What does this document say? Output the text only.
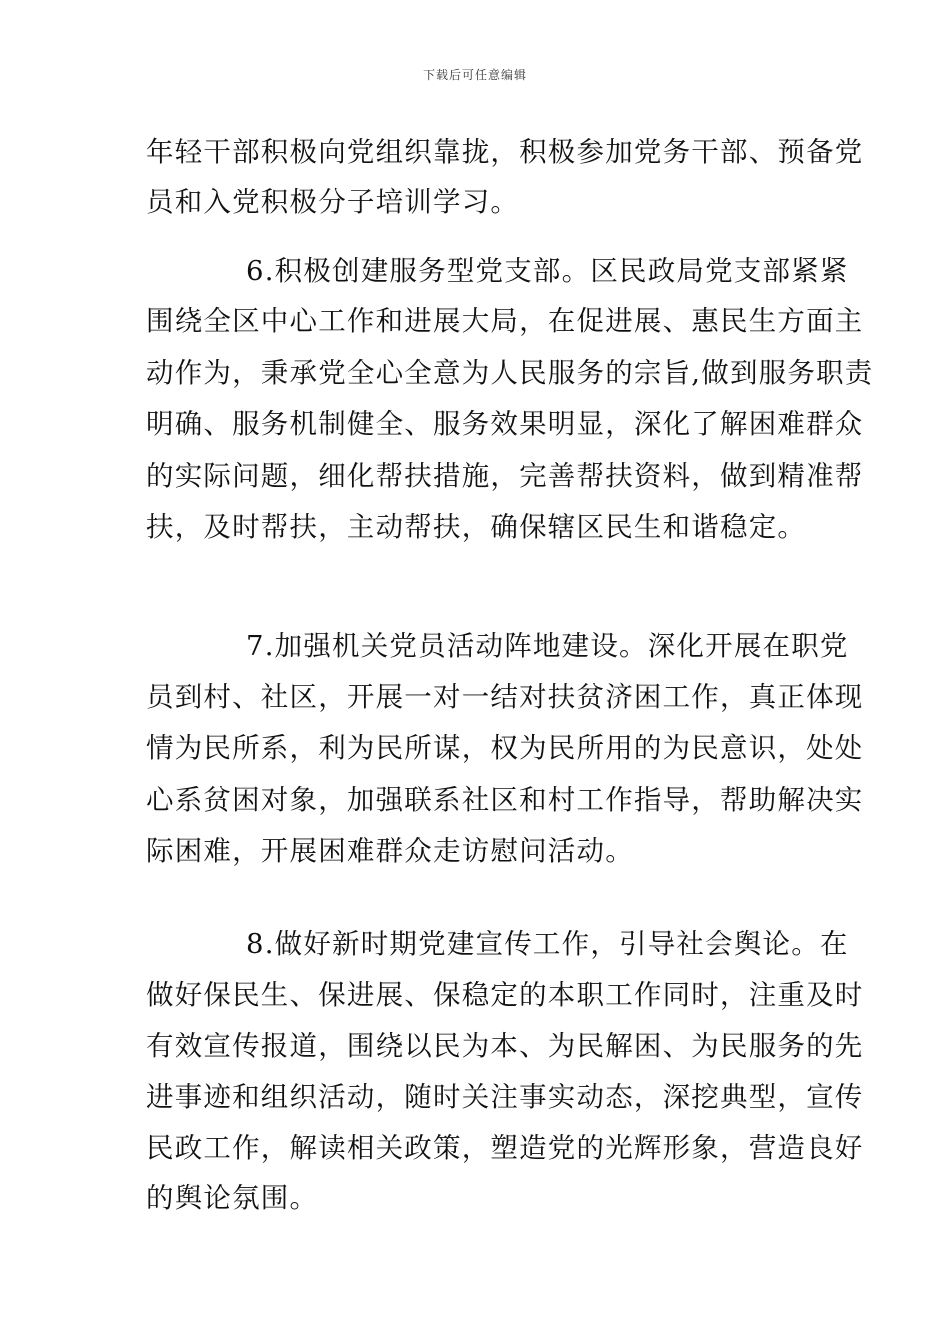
下载后可任意编辑
年轻干部积极向党组织靠拢，积极参加党务干部、预备党
员和入党积极分子培训学习。
6.积极创建服务型党支部。区民政局党支部紧紧
围绕全区中心工作和进展大局，在促进展、惠民生方面主
动作为，秉承党全心全意为人民服务的宗旨,做到服务职责
明确、服务机制健全、服务效果明显，深化了解困难群众
的实际问题，细化帮扶措施，完善帮扶资料，做到精准帮
扶，及时帮扶，主动帮扶，确保辖区民生和谐稳定。
7.加强机关党员活动阵地建设。深化开展在职党
员到村、社区，开展一对一结对扶贫济困工作，真正体现
情为民所系，利为民所谋，权为民所用的为民意识，处处
心系贫困对象，加强联系社区和村工作指导，帮助解决实
际困难，开展困难群众走访慰问活动。
8.做好新时期党建宣传工作，引导社会舆论。在
做好保民生、保进展、保稳定的本职工作同时，注重及时
有效宣传报道，围绕以民为本、为民解困、为民服务的先
进事迹和组织活动，随时关注事实动态，深挖典型，宣传
民政工作，解读相关政策，塑造党的光辉形象，营造良好
的舆论氛围。
